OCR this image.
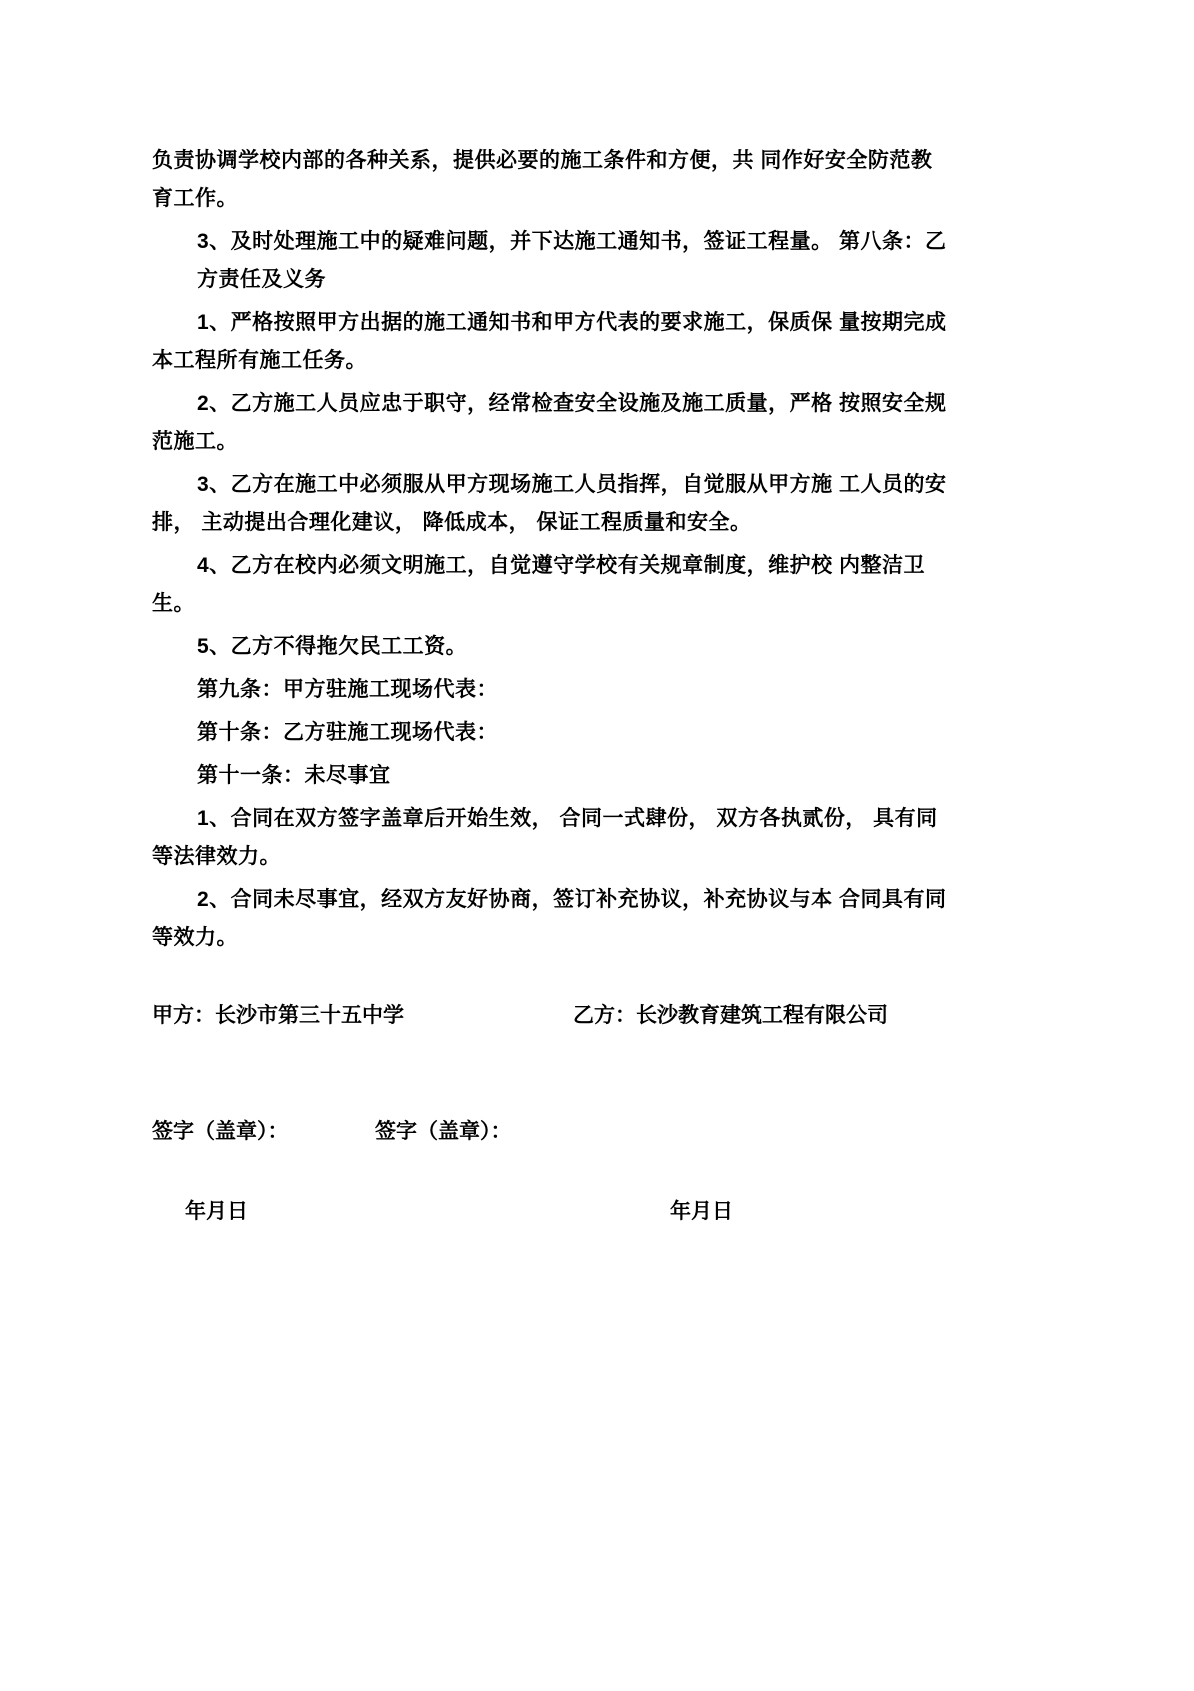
负责协调学校内部的各种关系，提供必要的施工条件和方便，共 同作好安全防范教
育工作。

3、及时处理施工中的疑难问题，并下达施工通知书，签证工程量。 第八条：乙
方责任及义务

1、严格按照甲方出据的施工通知书和甲方代表的要求施工，保质保 量按期完成
本工程所有施工任务。

2、乙方施工人员应忠于职守，经常检查安全设施及施工质量，严格 按照安全规
范施工。

3、乙方在施工中必须服从甲方现场施工人员指挥，自觉服从甲方施 工人员的安
排， 主动提出合理化建议， 降低成本， 保证工程质量和安全。

4、乙方在校内必须文明施工，自觉遵守学校有关规章制度，维护校 内整洁卫
生。

5、乙方不得拖欠民工工资。

第九条：甲方驻施工现场代表：

第十条：乙方驻施工现场代表：

第十一条：未尽事宜

1、合同在双方签字盖章后开始生效， 合同一式肆份， 双方各执贰份， 具有同
等法律效力。

2、合同未尽事宜，经双方友好协商，签订补充协议，补充协议与本 合同具有同
等效力。

甲方：长沙市第三十五中学	乙方：长沙教育建筑工程有限公司
签字（盖章）：	签字（盖章）：
年月日	年月日
